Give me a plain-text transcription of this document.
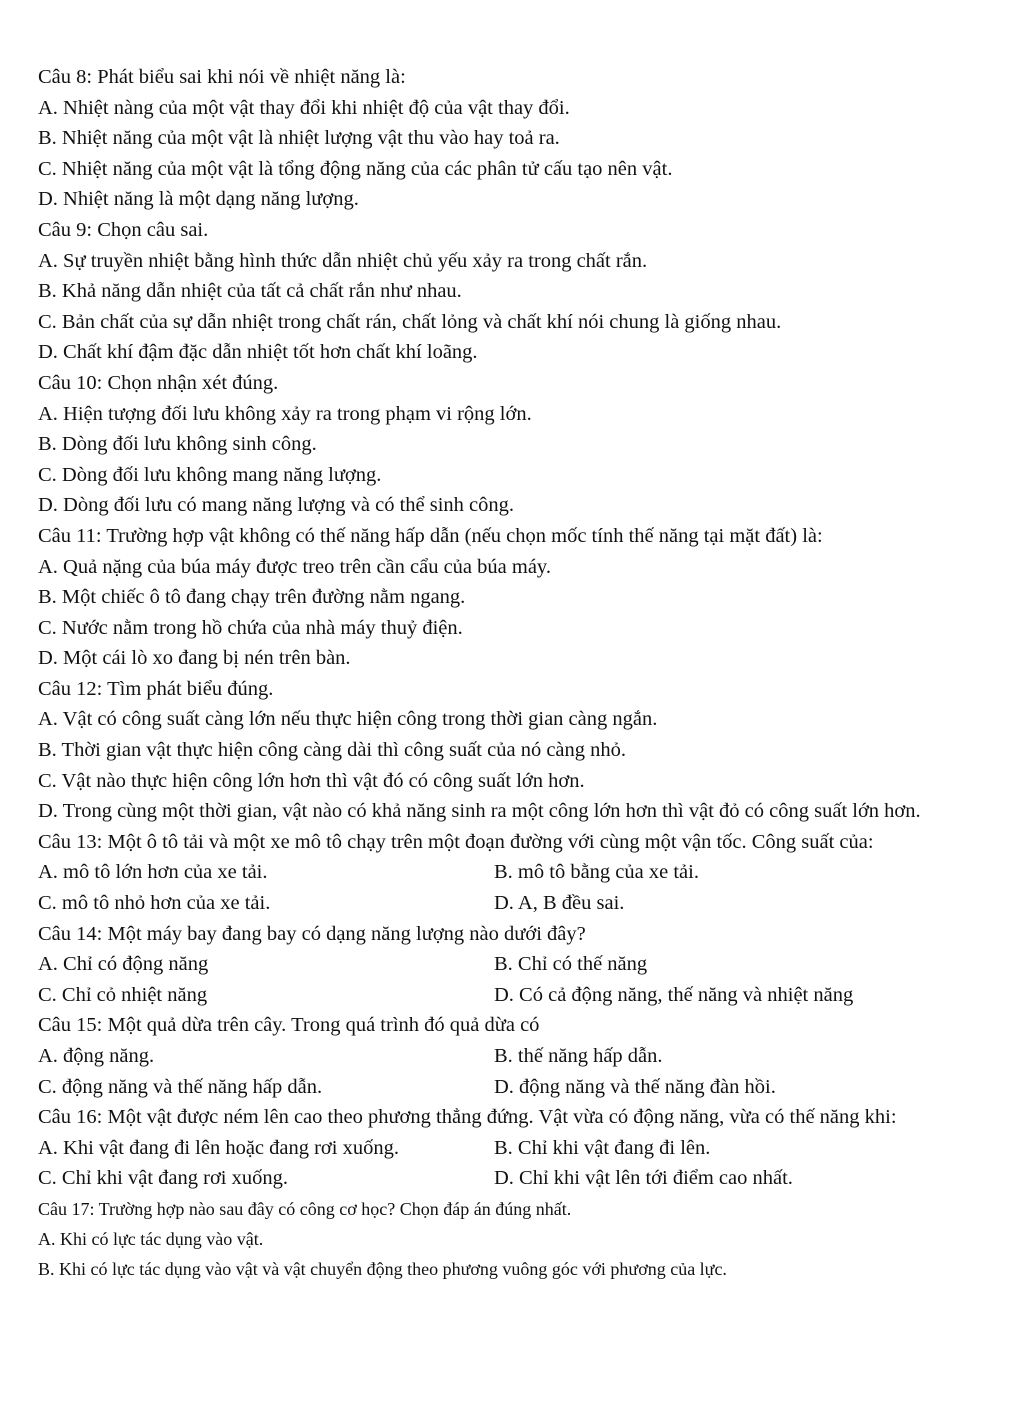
Câu 8: Phát biểu sai khi nói về nhiệt năng là:
A. Nhiệt nàng của một vật thay đổi khi nhiệt độ của vật thay đổi.
B. Nhiệt năng của một vật là nhiệt lượng vật thu vào hay toả ra.
C. Nhiệt năng của một vật là tổng động năng của các phân tử cấu tạo nên vật.
D. Nhiệt năng là một dạng năng lượng.
Câu 9: Chọn câu sai.
A. Sự truyền nhiệt bằng hình thức dẫn nhiệt chủ yếu xảy ra trong chất rắn.
B. Khả năng dẫn nhiệt của tất cả chất rắn như nhau.
C. Bản chất của sự dẫn nhiệt trong chất rán, chất lỏng và chất khí nói chung là giống nhau.
D. Chất khí đậm đặc dẫn nhiệt tốt hơn chất khí loãng.
Câu 10: Chọn nhận xét đúng.
A. Hiện tượng đối lưu không xảy ra trong phạm vi rộng lớn.
B. Dòng đối lưu không sinh công.
C. Dòng đối lưu không mang năng lượng.
D. Dòng đối lưu có mang năng lượng và có thể sinh công.
Câu 11: Trường hợp vật không có thế năng hấp dẫn (nếu chọn mốc tính thế năng tại mặt đất) là:
A. Quả nặng của búa máy được treo trên cần cẩu của búa máy.
B. Một chiếc ô tô đang chạy trên đường nằm ngang.
C. Nước nằm trong hồ chứa của nhà máy thuỷ điện.
D. Một cái lò xo đang bị nén trên bàn.
Câu 12: Tìm phát biểu đúng.
A. Vật có công suất càng lớn nếu thực hiện công trong thời gian càng ngắn.
B. Thời gian vật thực hiện công càng dài thì công suất của nó càng nhỏ.
C. Vật nào thực hiện công lớn hơn thì vật đó có công suất lớn hơn.
D. Trong cùng một thời gian, vật nào có khả năng sinh ra một công lớn hơn thì vật đỏ có công suất lớn hơn.
Câu 13: Một ô tô tải và một xe mô tô chạy trên một đoạn đường với cùng một vận tốc. Công suất của:
A. mô tô lớn hơn của xe tải.	B. mô tô bằng của xe tải.
C. mô tô nhỏ hơn của xe tải.	D. A, B đều sai.
Câu 14: Một máy bay đang bay có dạng năng lượng nào dưới đây?
A. Chỉ có động năng	B. Chỉ có thế năng
C. Chỉ cỏ nhiệt năng	D. Có cả động năng, thế năng và nhiệt năng
Câu 15: Một quả dừa trên cây. Trong quá trình đó quả dừa có
A. động năng.	B. thế năng hấp dẫn.
C. động năng và thế năng hấp dẫn.	D. động năng và thế năng đàn hồi.
Câu 16: Một vật được ném lên cao theo phương thẳng đứng. Vật vừa có động năng, vừa có thế năng khi:
A. Khi vật đang đi lên hoặc đang rơi xuống.	B. Chỉ khi vật đang đi lên.
C. Chỉ khi vật đang rơi xuống.	D. Chỉ khi vật lên tới điểm cao nhất.
Câu 17: Trường hợp nào sau đây có công cơ học? Chọn đáp án đúng nhất.
A. Khi có lực tác dụng vào vật.
B. Khi có lực tác dụng vào vật và vật chuyển động theo phương vuông góc với phương của lực.
